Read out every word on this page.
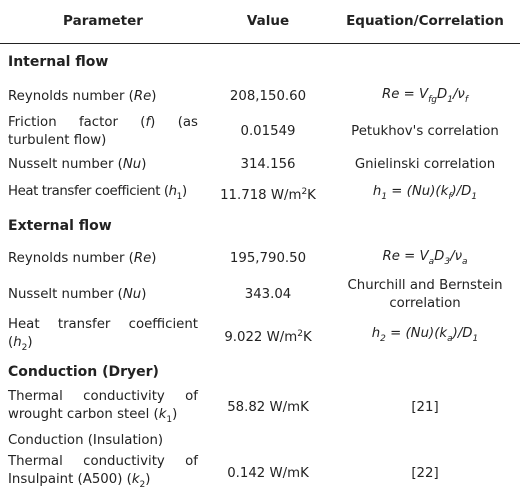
Parameter	Value	Equation/Correlation
Internal flow		
Reynolds number (Re)	208,150.60	$Re = V_{fg}D_1/\nu_f$

Friction factor (f) (as
turbulent flow)	0.01549	Petukhov's correlation
Nusselt number (Nu)	314.156	Gnielinski correlation
Heat transfer coefficient $(h_1)$	11.718 $W/m^2K$	$h_1 = (Nu)(k_f)/D_1$
External flow		
Reynolds number (Re)	195,790.50	$Re = V_aD_3/\nu_a$
Nusselt number (Nu)	343.04	Churchill and Bernstein
correlation

Heat transfer coefficient
$(h_2)$	9.022 $W/m^2K$	$h_2 = (Nu)(k_a)/D_1$
Conduction (Dryer)		

Thermal conductivity of
wrought carbon steel $(k_1)$	58.82 W/mK	[21]
Conduction (Insulation)		

Thermal conductivity of
Insulpaint (A500) $(k_2)$	0.142 W/mK	[22]
